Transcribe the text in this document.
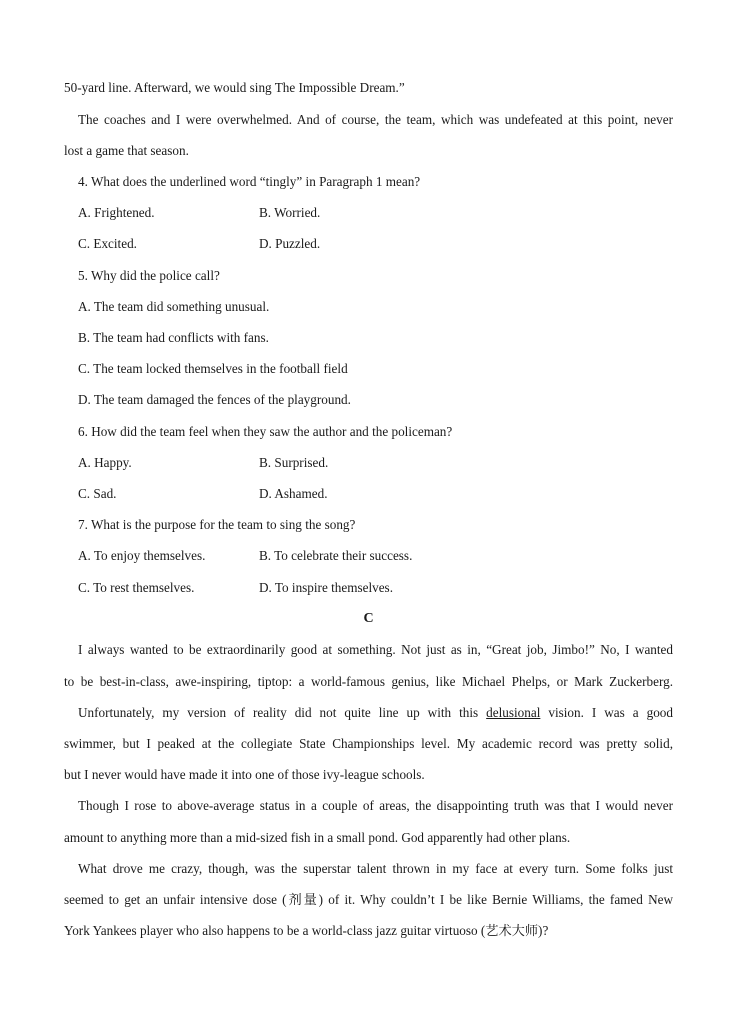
50-yard line. Afterward, we would sing The Impossible Dream.”
The coaches and I were overwhelmed. And of course, the team, which was undefeated at this point, never
lost a game that season.
4. What does the underlined word “tingly” in Paragraph 1 mean?
A. Frightened.	B. Worried.
C. Excited.	D. Puzzled.
5. Why did the police call?
A. The team did something unusual.
B. The team had conflicts with fans.
C. The team locked themselves in the football field
D. The team damaged the fences of the playground.
6. How did the team feel when they saw the author and the policeman?
A. Happy.	B. Surprised.
C. Sad.	D. Ashamed.
7. What is the purpose for the team to sing the song?
A. To enjoy themselves.	B. To celebrate their success.
C. To rest themselves.	D. To inspire themselves.
C
I always wanted to be extraordinarily good at something. Not just as in, “Great job, Jimbo!” No, I wanted
to be best-in-class, awe-inspiring, tiptop: a world-famous genius, like Michael Phelps, or Mark Zuckerberg.
Unfortunately, my version of reality did not quite line up with this delusional vision. I was a good
swimmer, but I peaked at the collegiate State Championships level. My academic record was pretty solid,
but I never would have made it into one of those ivy-league schools.
Though I rose to above-average status in a couple of areas, the disappointing truth was that I would never
amount to anything more than a mid-sized fish in a small pond. God apparently had other plans.
What drove me crazy, though, was the superstar talent thrown in my face at every turn. Some folks just
seemed to get an unfair intensive dose (剂量) of it. Why couldn’t I be like Bernie Williams, the famed New
York Yankees player who also happens to be a world-class jazz guitar virtuoso (艺术大师)?
